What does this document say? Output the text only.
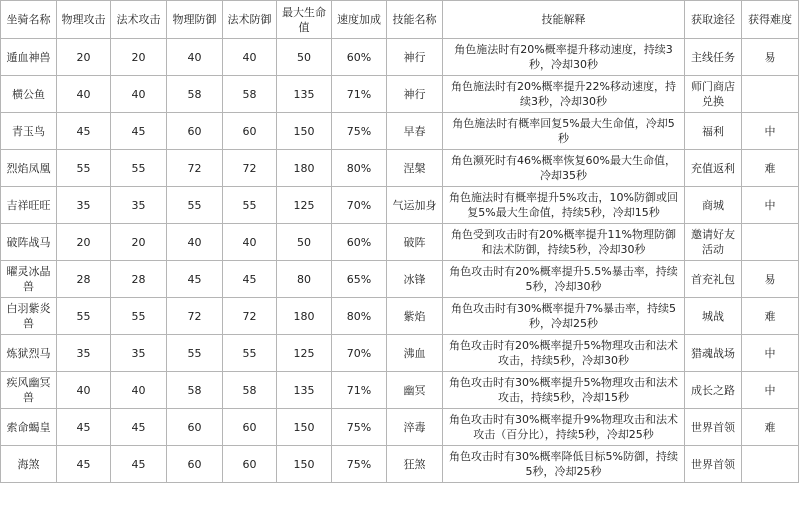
坐骑名称	物理攻击	法术攻击	物理防御	法术防御	最大生命值	速度加成	技能名称	技能解释	获取途径	获得难度
遁血神兽	20	20	40	40	50	60%	神行	角色施法时有20%概率提升移动速度，持续3秒，冷却30秒	主线任务	易
横公鱼	40	40	58	58	135	71%	神行	角色施法时有20%概率提升22%移动速度，持续3秒，冷却30秒	师门商店兑换	
青玉鸟	45	45	60	60	150	75%	早春	角色施法时有概率回复5%最大生命值，冷却5秒	福利	中
烈焰凤凰	55	55	72	72	180	80%	涅槃	角色濒死时有46%概率恢复60%最大生命值，冷却35秒	充值返利	难
吉祥旺旺	35	35	55	55	125	70%	气运加身	角色施法时有概率提升5%攻击，10%防御或回复5%最大生命值，持续5秒，冷却15秒	商城	中
破阵战马	20	20	40	40	50	60%	破阵	角色受到攻击时有20%概率提升11%物理防御和法术防御，持续5秒，冷却30秒	邀请好友活动	
曜灵冰晶兽	28	28	45	45	80	65%	冰锋	角色攻击时有20%概率提升5.5%暴击率，持续5秒，冷却30秒	首充礼包	易
白羽紫炎兽	55	55	72	72	180	80%	紫焰	角色攻击时有30%概率提升7%暴击率，持续5秒，冷却25秒	城战	难
炼狱烈马	35	35	55	55	125	70%	沸血	角色攻击时有20%概率提升5%物理攻击和法术攻击，持续5秒，冷却30秒	猎魂战场	中
疾风幽冥兽	40	40	58	58	135	71%	幽冥	角色攻击时有30%概率提升5%物理攻击和法术攻击，持续5秒，冷却15秒	成长之路	中
索命蝎皇	45	45	60	60	150	75%	淬毒	角色攻击时有30%概率提升9%物理攻击和法术攻击（百分比），持续5秒，冷却25秒	世界首领	难
海煞	45	45	60	60	150	75%	狂煞	角色攻击时有30%概率降低目标5%防御，持续5秒，冷却25秒	世界首领	
